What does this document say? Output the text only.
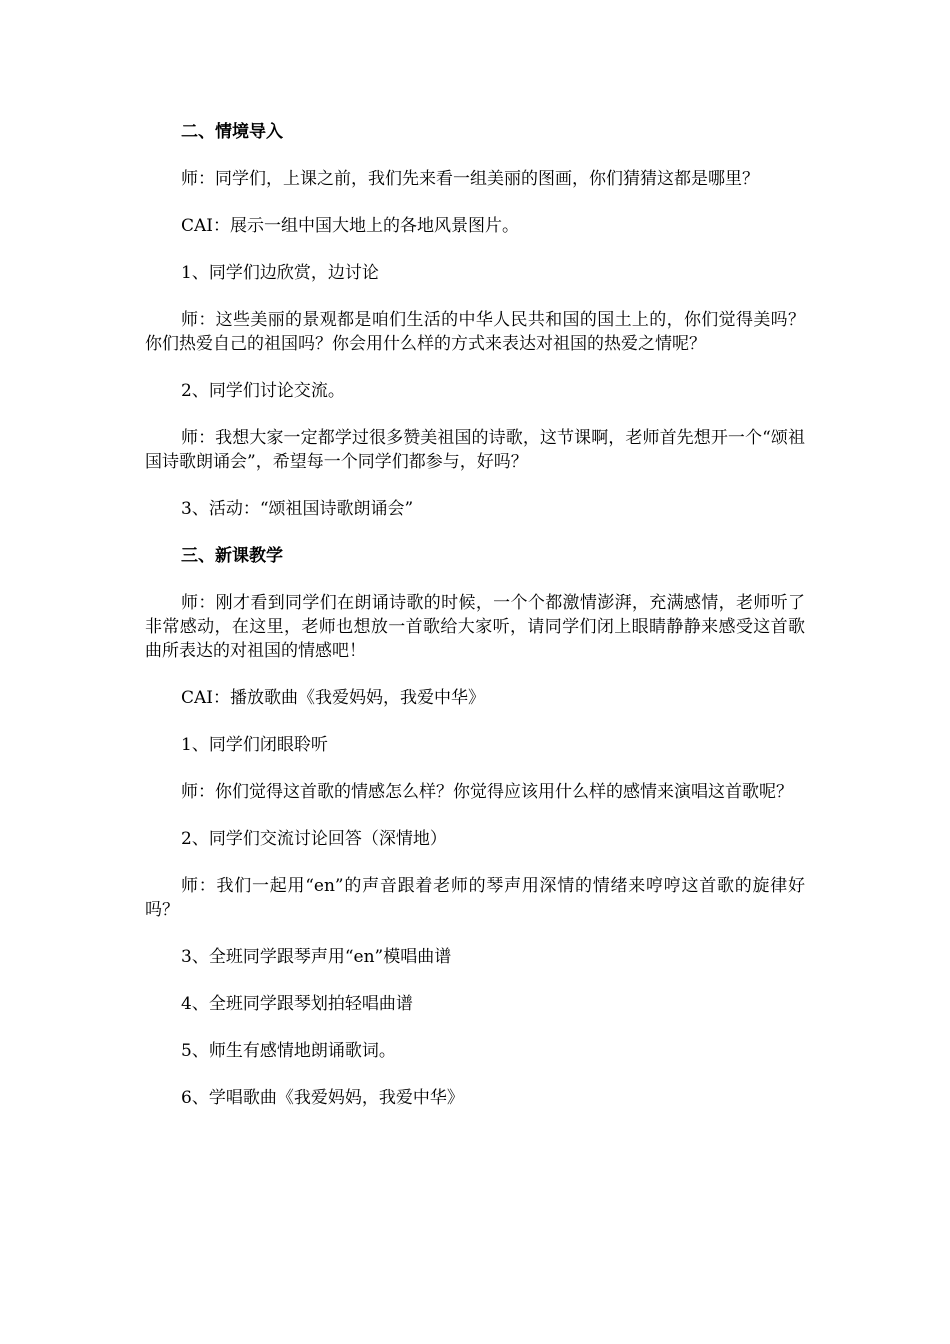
二、情境导入

师：同学们，上课之前，我们先来看一组美丽的图画，你们猜猜这都是哪里？

CAI：展示一组中国大地上的各地风景图片。

1、同学们边欣赏，边讨论

师：这些美丽的景观都是咱们生活的中华人民共和国的国土上的，你们觉得美吗？你们热爱自己的祖国吗？你会用什么样的方式来表达对祖国的热爱之情呢？

2、同学们讨论交流。

师：我想大家一定都学过很多赞美祖国的诗歌，这节课啊，老师首先想开一个“颂祖国诗歌朗诵会”，希望每一个同学们都参与，好吗？

3、活动：“颂祖国诗歌朗诵会”

三、新课教学

师：刚才看到同学们在朗诵诗歌的时候，一个个都激情澎湃，充满感情，老师听了非常感动，在这里，老师也想放一首歌给大家听，请同学们闭上眼睛静静来感受这首歌曲所表达的对祖国的情感吧！

CAI：播放歌曲《我爱妈妈，我爱中华》

1、同学们闭眼聆听

师：你们觉得这首歌的情感怎么样？你觉得应该用什么样的感情来演唱这首歌呢？

2、同学们交流讨论回答（深情地）

师：我们一起用“en”的声音跟着老师的琴声用深情的情绪来哼哼这首歌的旋律好吗？

3、全班同学跟琴声用“en”模唱曲谱

4、全班同学跟琴划拍轻唱曲谱

5、师生有感情地朗诵歌词。

6、学唱歌曲《我爱妈妈，我爱中华》
